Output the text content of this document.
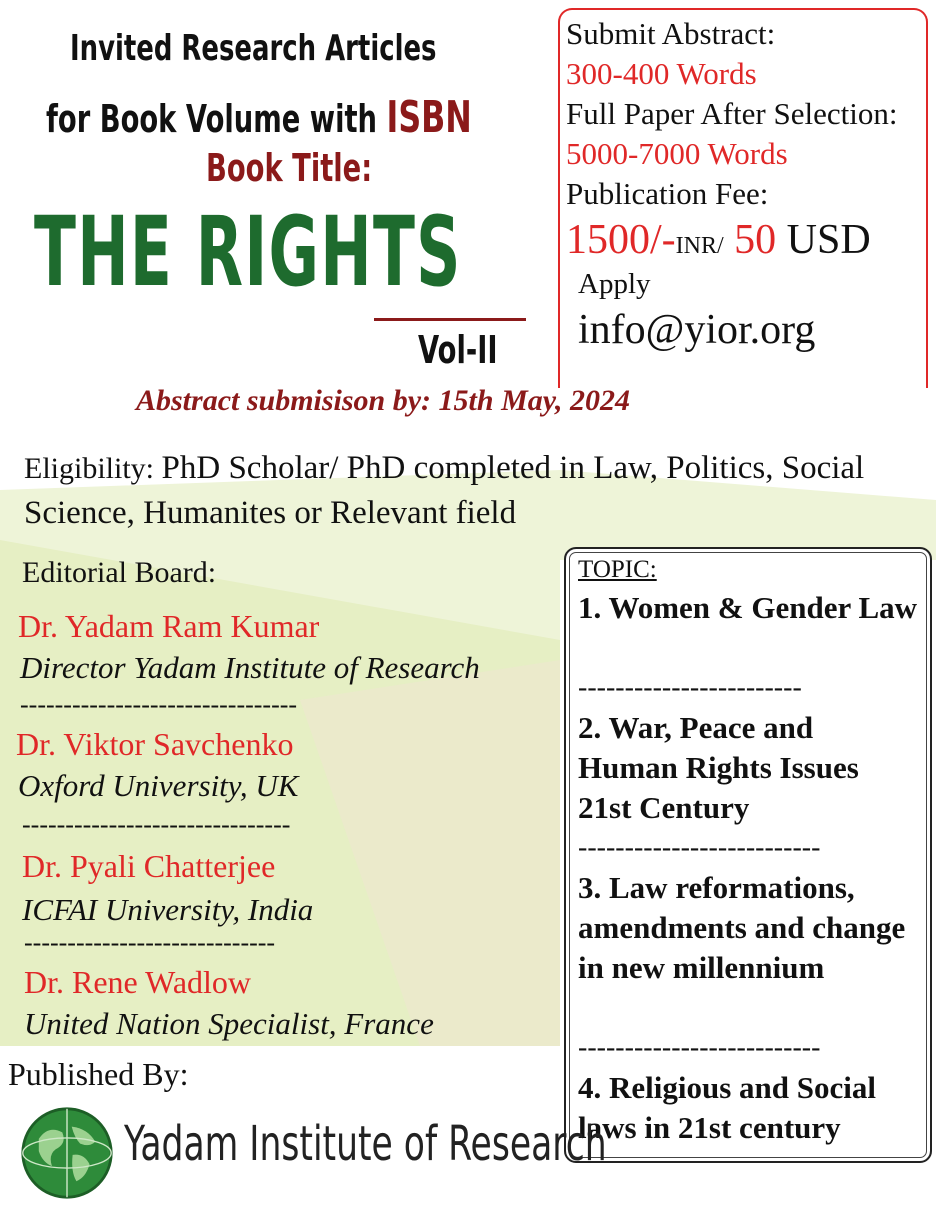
Invited Research Articles
for Book Volume with ISBN
Book Title:
THE RIGHTS
Vol-II
Submit Abstract:
300-400 Words
Full Paper After Selection:
5000-7000 Words
Publication Fee:
1500/-INR/ 50 USD
Apply
info@yior.org
Abstract submisison by: 15th May, 2024
Eligibility: PhD Scholar/ PhD completed in Law, Politics, Social Science, Humanites or Relevant field
Editorial Board:
Dr. Yadam Ram Kumar
Director Yadam Institute of Research
--------------------------------
Dr. Viktor Savchenko
Oxford University, UK
-------------------------------
Dr. Pyali Chatterjee
ICFAI University, India
-----------------------------
Dr. Rene Wadlow
United Nation Specialist, France
TOPIC:
1. Women & Gender Law
------------------------
2. War, Peace and Human Rights Issues 21st Century
--------------------------
3. Law reformations, amendments and change in new millennium
--------------------------
4. Religious and Social laws in 21st century
Published By:
Yadam Institute of Research
